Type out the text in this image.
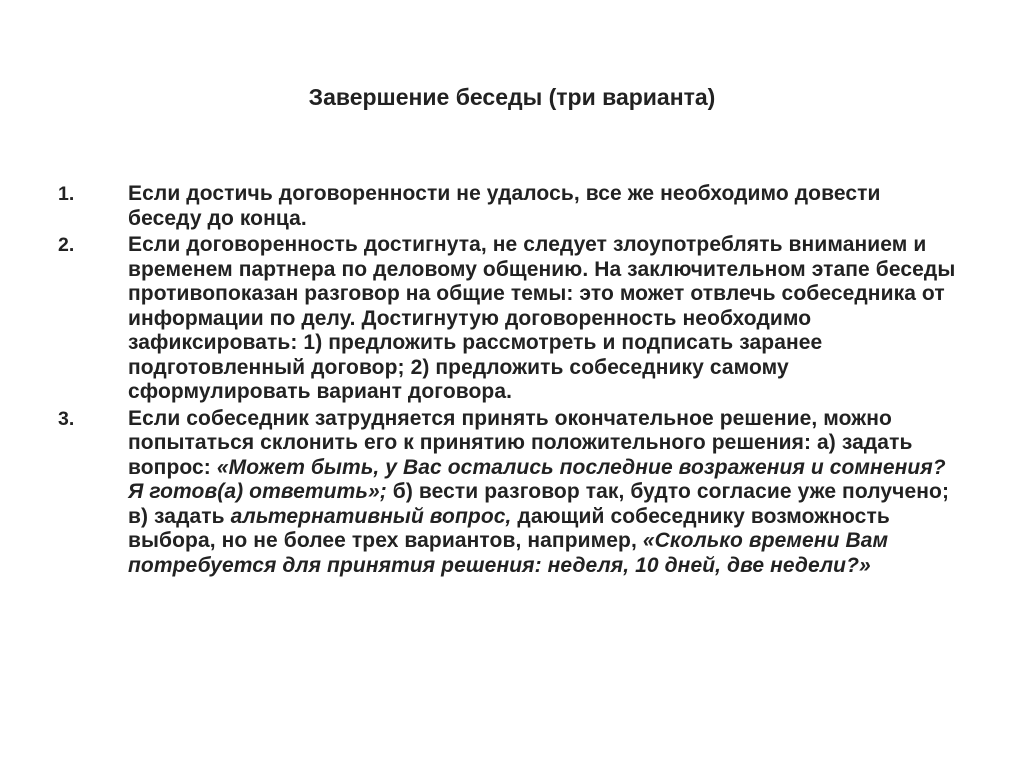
Завершение беседы (три варианта)
1.	Если достичь договоренности не удалось, все же необходимо довести беседу до конца.
2.	Если договоренность достигнута, не следует злоупотреблять вниманием и временем партнера по деловому общению. На заключительном этапе беседы противопоказан разговор на общие темы: это может отвлечь собеседника от информации по делу. Достигнутую договоренность необходимо зафиксировать: 1) предложить рассмотреть и подписать заранее подготовленный договор; 2) предложить собеседнику самому сформулировать вариант договора.
3.	Если собеседник затрудняется принять окончательное решение, можно попытаться склонить его к принятию положительного решения: а) задать вопрос: «Может быть, у Вас остались последние возражения и сомнения? Я готов(а) ответить»; б) вести разговор так, будто согласие уже получено; в) задать альтернативный вопрос, дающий собеседнику возможность выбора, но не более трех вариантов, например, «Сколько времени Вам потребуется для принятия решения: неделя, 10 дней, две недели?»
